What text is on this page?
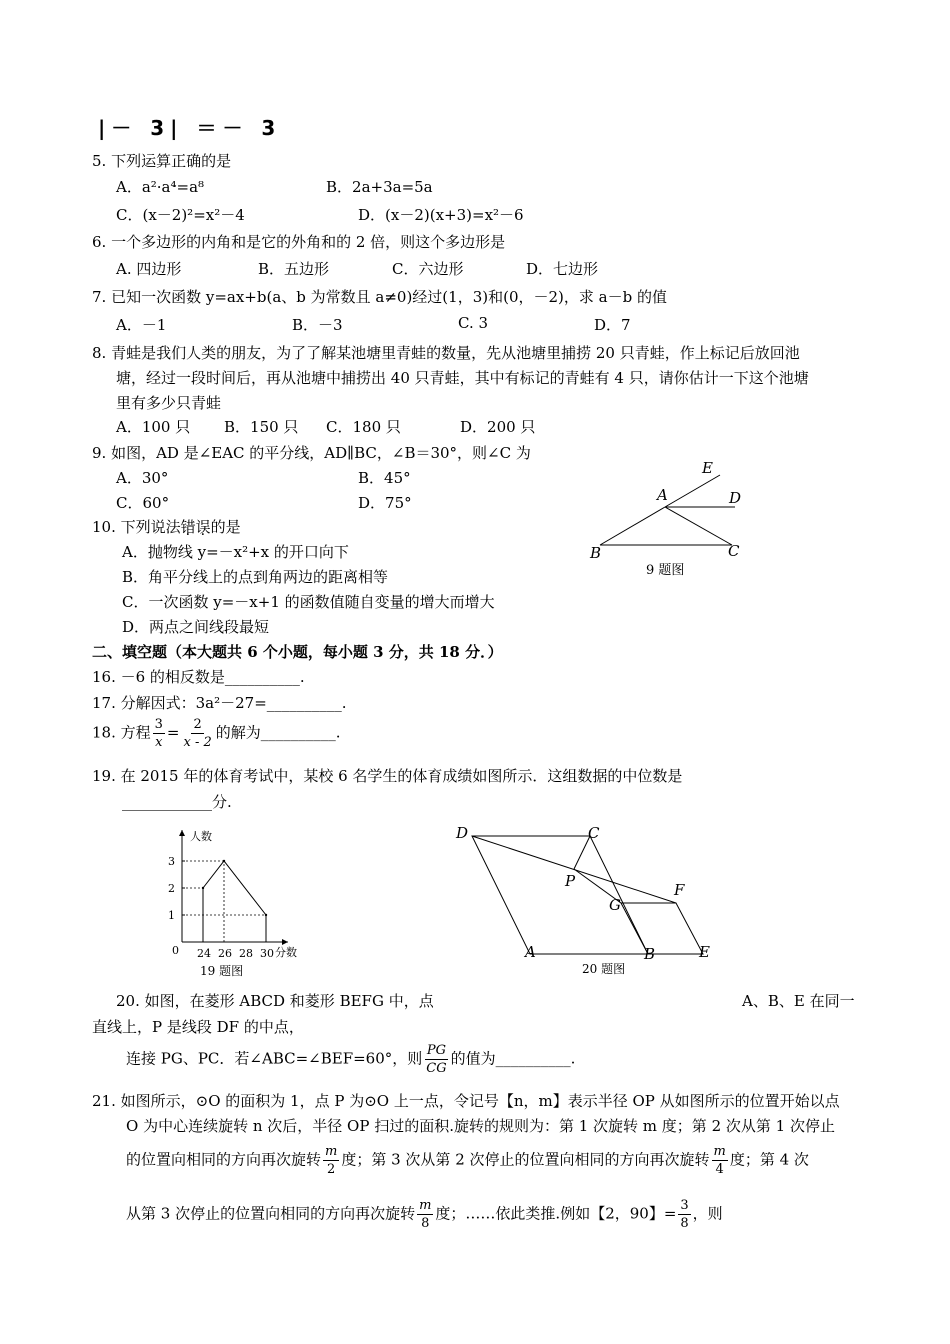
|－ 3| ＝－ 3
5. 下列运算正确的是
A．a²·a⁴=a⁸	B．2a+3a=5a
C．(x－2)²=x²－4	D．(x－2)(x+3)=x²－6
6. 一个多边形的内角和是它的外角和的 2 倍，则这个多边形是
A. 四边形	B．五边形	C．六边形	D．七边形
7. 已知一次函数 y=ax+b(a、b 为常数且 a≠0)经过(1，3)和(0，－2)，求 a－b 的值
A．－1	B．－3	C. 3	D．7
8. 青蛙是我们人类的朋友，为了了解某池塘里青蛙的数量，先从池塘里捕捞 20 只青蛙，作上标记后放回池
塘，经过一段时间后，再从池塘中捕捞出 40 只青蛙，其中有标记的青蛙有 4 只，请你估计一下这个池塘
里有多少只青蛙
A．100 只 B．150 只 C．180 只	D．200 只
9. 如图，AD 是∠EAC 的平分线，AD∥BC，∠B＝30°，则∠C 为
A．30°	B．45°
C．60°	D．75°
E
A	D
B	C
9 题图
10. 下列说法错误的是
A．抛物线 y=－x²+x 的开口向下
B．角平分线上的点到角两边的距离相等
C．一次函数 y=－x+1 的函数值随自变量的增大而增大
D．两点之间线段最短
二、填空题（本大题共 6 个小题，每小题 3 分，共 18 分．）
16. －6 的相反数是__________.
17. 分解因式：3a²－27=__________.
18. 方程 $\frac{3}{x} = \frac{2}{x - 2}$ 的解为__________.
19. 在 2015 年的体育考试中，某校 6 名学生的体育成绩如图所示．这组数据的中位数是
____________分.
人数
分数
0 24 26 28 30
1
2
3
19 题图
D	C
P	F
G
A	B	E
20 题图
20. 如图，在菱形 ABCD 和菱形 BEFG 中，点	A、B、E 在同一
直线上，P 是线段 DF 的中点，
连接 PG、PC．若∠ABC=∠BEF=60°，则 $\frac{PG}{CG}$ 的值为__________.
21. 如图所示，⊙O 的面积为 1，点 P 为⊙O 上一点，令记号【n，m】表示半径 OP 从如图所示的位置开始以点
O 为中心连续旋转 n 次后，半径 OP 扫过的面积.旋转的规则为：第 1 次旋转 m 度；第 2 次从第 1 次停止
的位置向相同的方向再次旋转 $\frac{m}{2}$ 度；第 3 次从第 2 次停止的位置向相同的方向再次旋转 $\frac{m}{4}$ 度；第 4 次
从第 3 次停止的位置向相同的方向再次旋转 $\frac{m}{8}$ 度；……依此类推.例如【2，90】= $\frac{3}{8}$ ，则
